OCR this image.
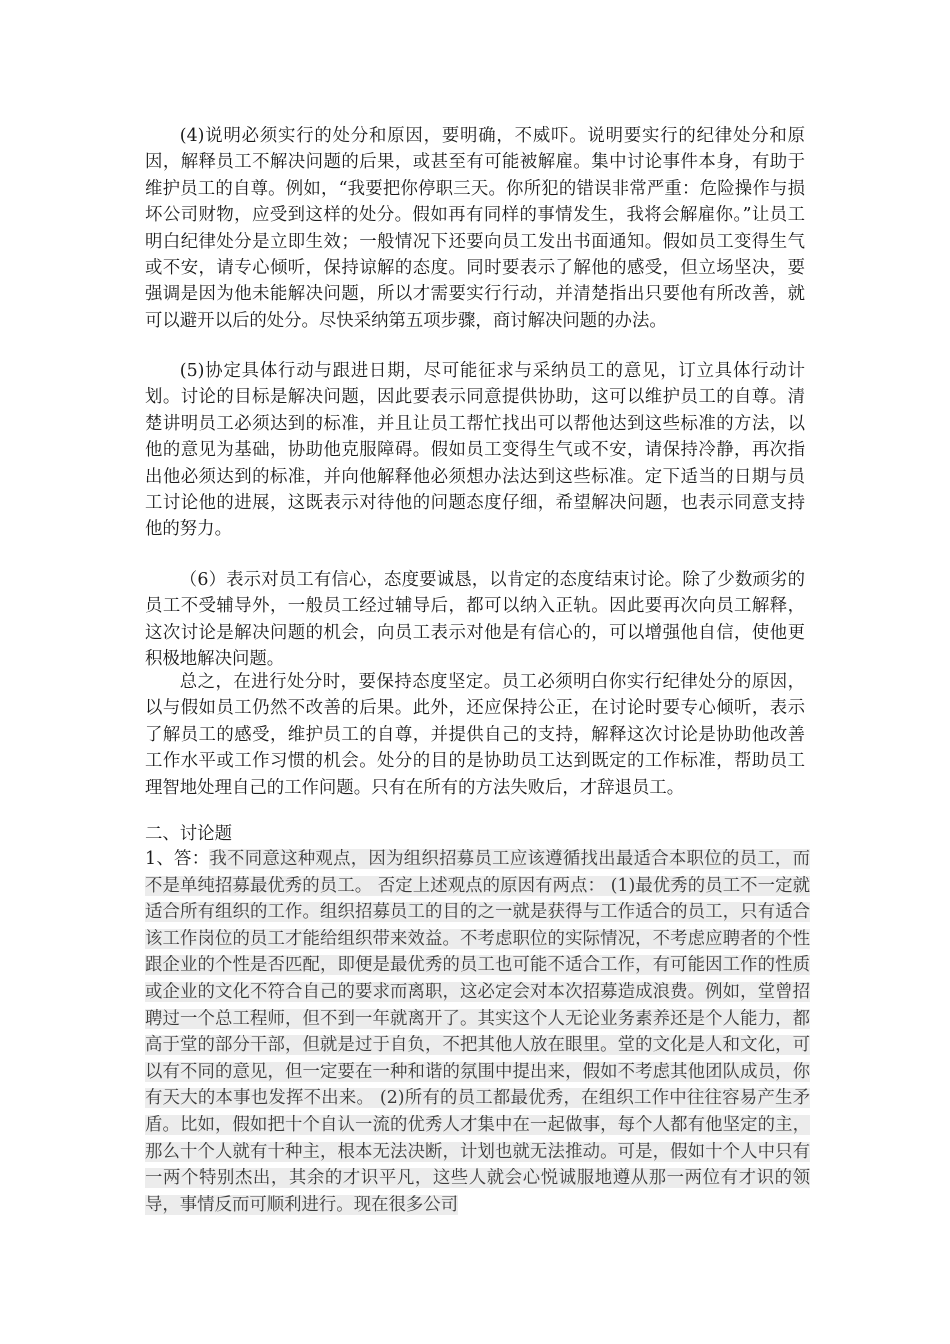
(4)说明必须实行的处分和原因，要明确，不威吓。说明要实行的纪律处分和原因，解释员工不解决问题的后果，或甚至有可能被解雇。集中讨论事件本身，有助于维护员工的自尊。例如，“我要把你停职三天。你所犯的错误非常严重：危险操作与损坏公司财物，应受到这样的处分。假如再有同样的事情发生，我将会解雇你。”让员工明白纪律处分是立即生效；一般情况下还要向员工发出书面通知。假如员工变得生气或不安，请专心倾听，保持谅解的态度。同时要表示了解他的感受，但立场坚决，要强调是因为他未能解决问题，所以才需要实行行动，并清楚指出只要他有所改善，就可以避开以后的处分。尽快采纳第五项步骤，商讨解决问题的办法。

(5)协定具体行动与跟进日期，尽可能征求与采纳员工的意见，订立具体行动计划。讨论的目标是解决问题，因此要表示同意提供协助，这可以维护员工的自尊。清楚讲明员工必须达到的标准，并且让员工帮忙找出可以帮他达到这些标准的方法，以他的意见为基础，协助他克服障碍。假如员工变得生气或不安，请保持冷静，再次指出他必须达到的标准，并向他解释他必须想办法达到这些标准。定下适当的日期与员工讨论他的进展，这既表示对待他的问题态度仔细，希望解决问题，也表示同意支持他的努力。

（6）表示对员工有信心，态度要诚恳，以肯定的态度结束讨论。除了少数顽劣的员工不受辅导外，一般员工经过辅导后，都可以纳入正轨。因此要再次向员工解释，这次讨论是解决问题的机会，向员工表示对他是有信心的，可以增强他自信，使他更积极地解决问题。

总之，在进行处分时，要保持态度坚定。员工必须明白你实行纪律处分的原因，以与假如员工仍然不改善的后果。此外，还应保持公正，在讨论时要专心倾听，表示了解员工的感受，维护员工的自尊，并提供自己的支持，解释这次讨论是协助他改善工作水平或工作习惯的机会。处分的目的是协助员工达到既定的工作标准，帮助员工理智地处理自己的工作问题。只有在所有的方法失败后，才辞退员工。

二、讨论题

1、答：我不同意这种观点，因为组织招募员工应该遵循找出最适合本职位的员工，而不是单纯招募最优秀的员工。 否定上述观点的原因有两点： (1)最优秀的员工不一定就适合所有组织的工作。组织招募员工的目的之一就是获得与工作适合的员工，只有适合该工作岗位的员工才能给组织带来效益。不考虑职位的实际情况，不考虑应聘者的个性跟企业的个性是否匹配，即便是最优秀的员工也可能不适合工作，有可能因工作的性质或企业的文化不符合自己的要求而离职，这必定会对本次招募造成浪费。例如，堂曾招聘过一个总工程师，但不到一年就离开了。其实这个人无论业务素养还是个人能力，都高于堂的部分干部，但就是过于自负，不把其他人放在眼里。堂的文化是人和文化，可以有不同的意见，但一定要在一种和谐的氛围中提出来，假如不考虑其他团队成员，你有天大的本事也发挥不出来。 (2)所有的员工都最优秀，在组织工作中往往容易产生矛盾。比如，假如把十个自认一流的优秀人才集中在一起做事，每个人都有他坚定的主，那么十个人就有十种主，根本无法决断，计划也就无法推动。可是，假如十个人中只有一两个特别杰出，其余的才识平凡，这些人就会心悦诚服地遵从那一两位有才识的领导，事情反而可顺利进行。现在很多公司
